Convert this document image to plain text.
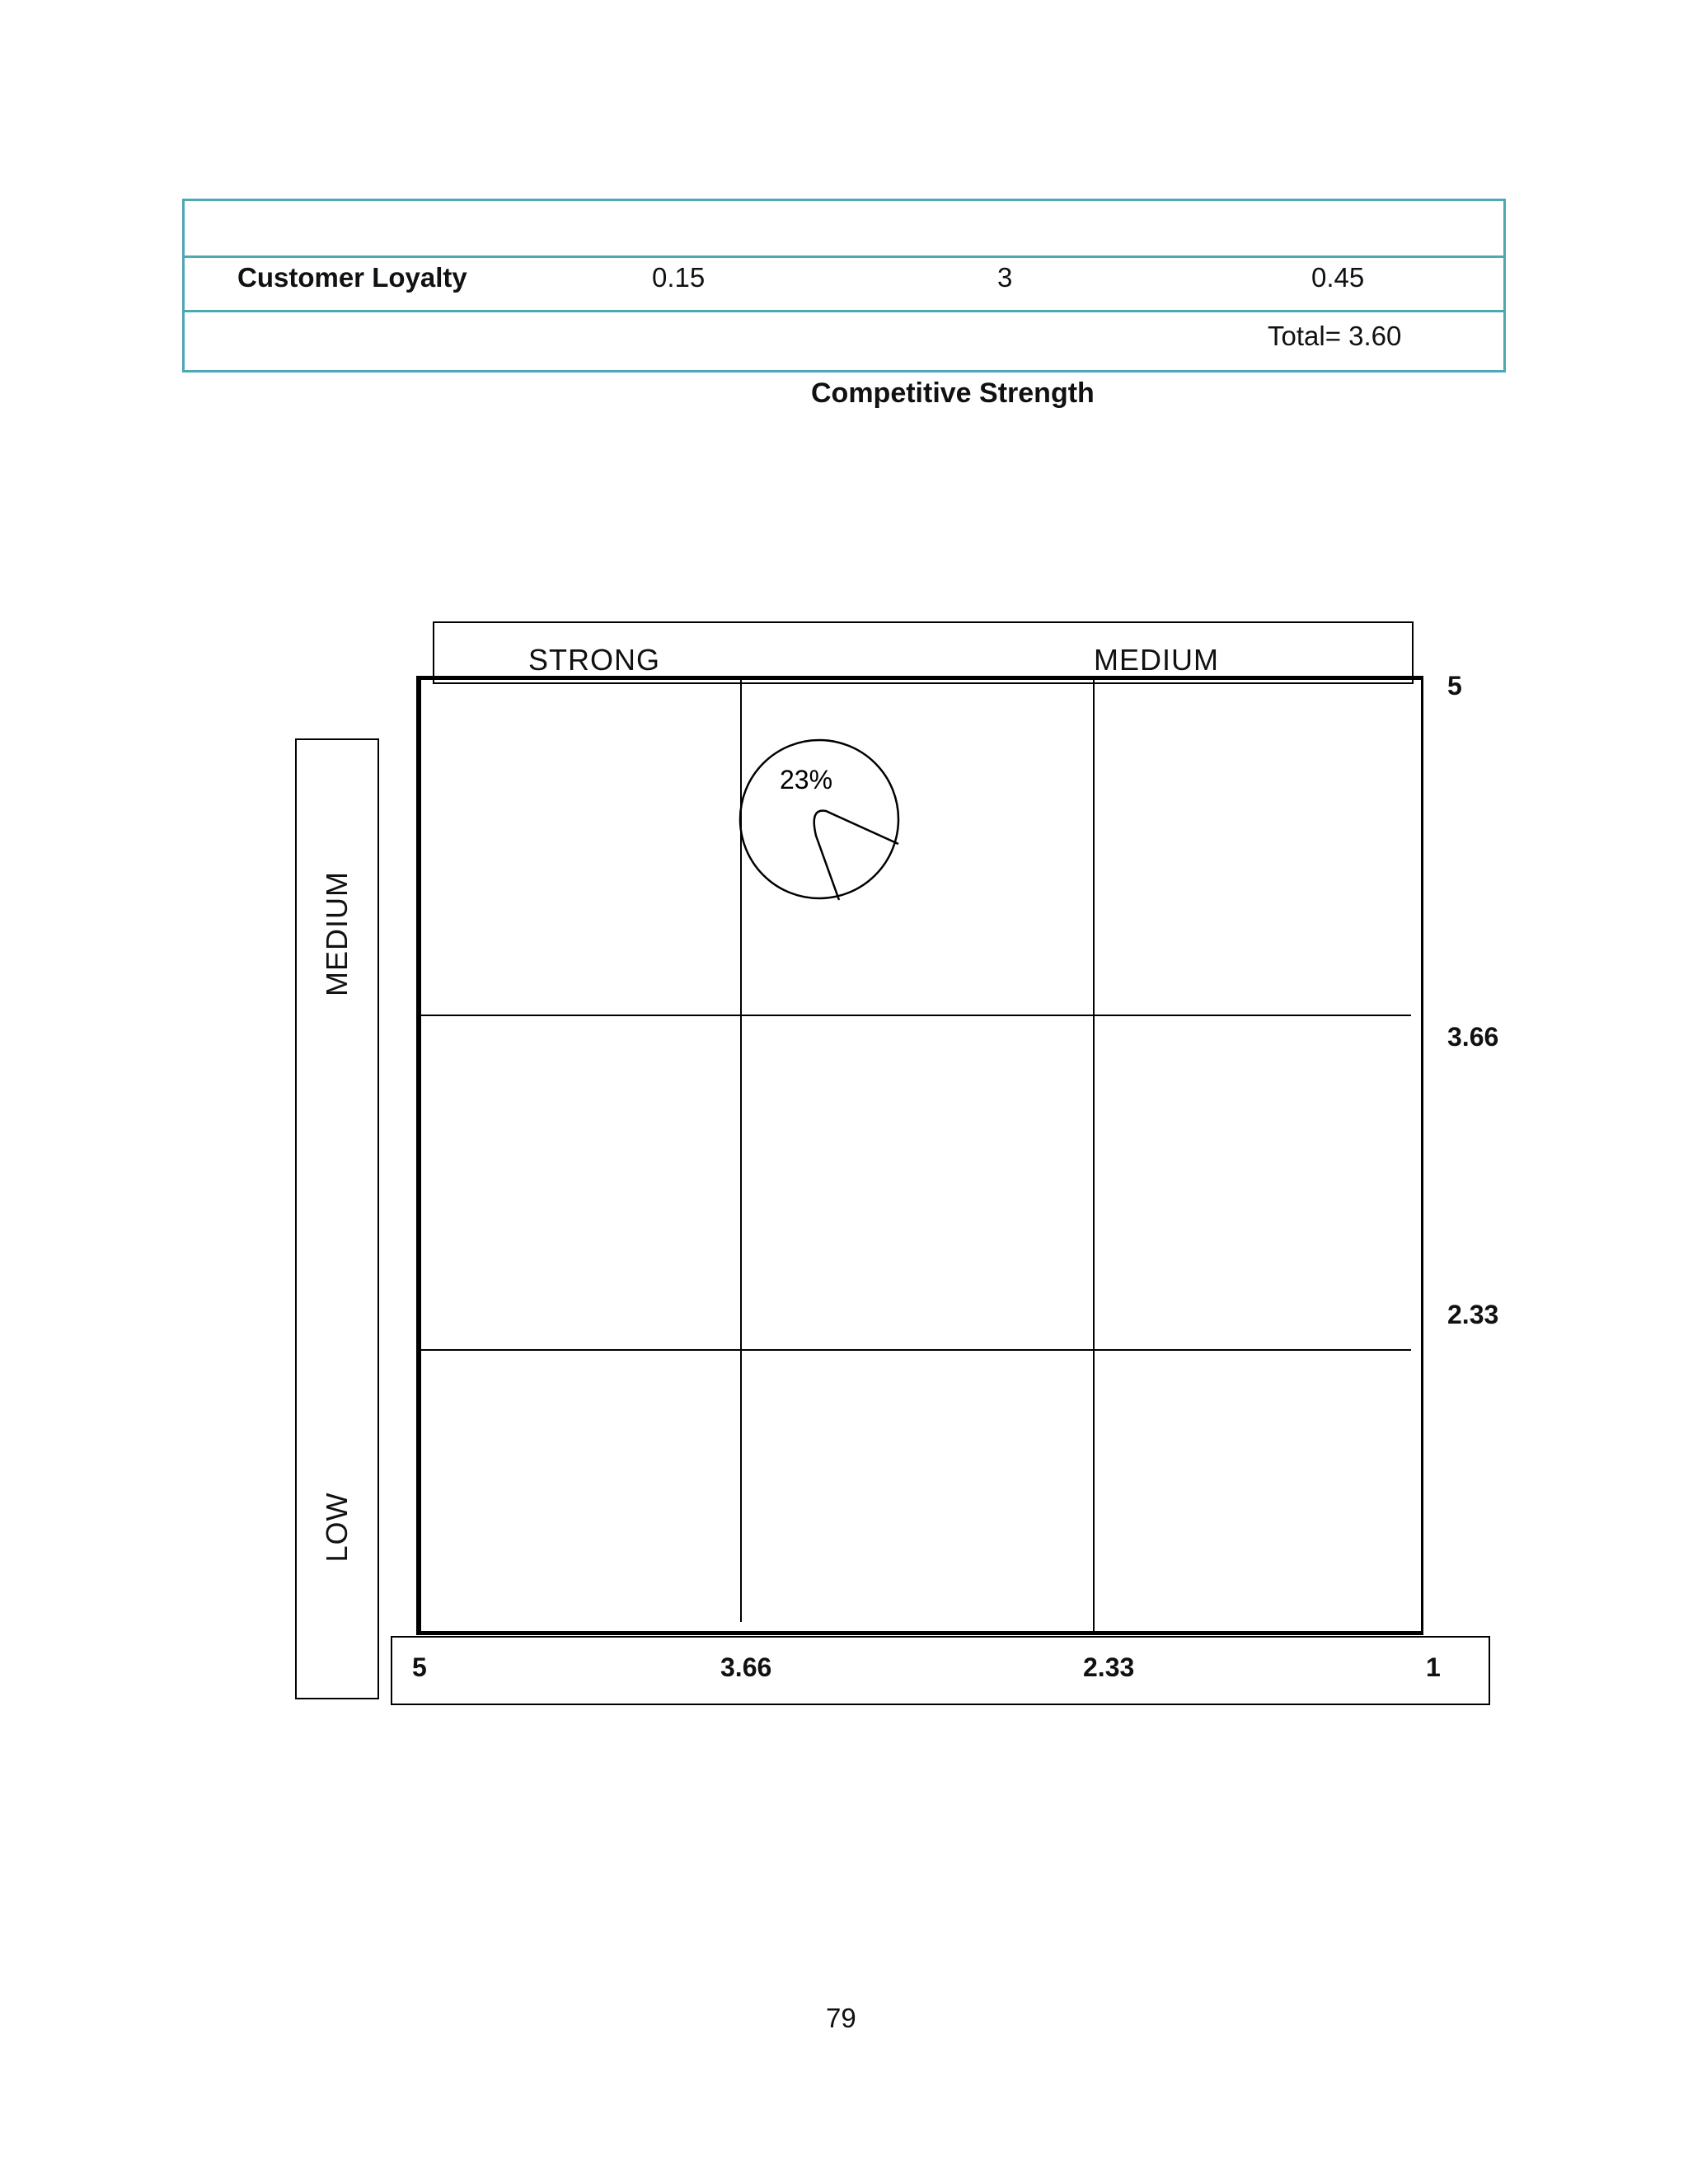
Customer Loyalty	0.15	3	0.45
Total= 3.60
Competitive Strength
STRONG	MEDIUM
MEDIUM
LOW
5	3.66	2.33	1
5
3.66
2.33
23%
79
